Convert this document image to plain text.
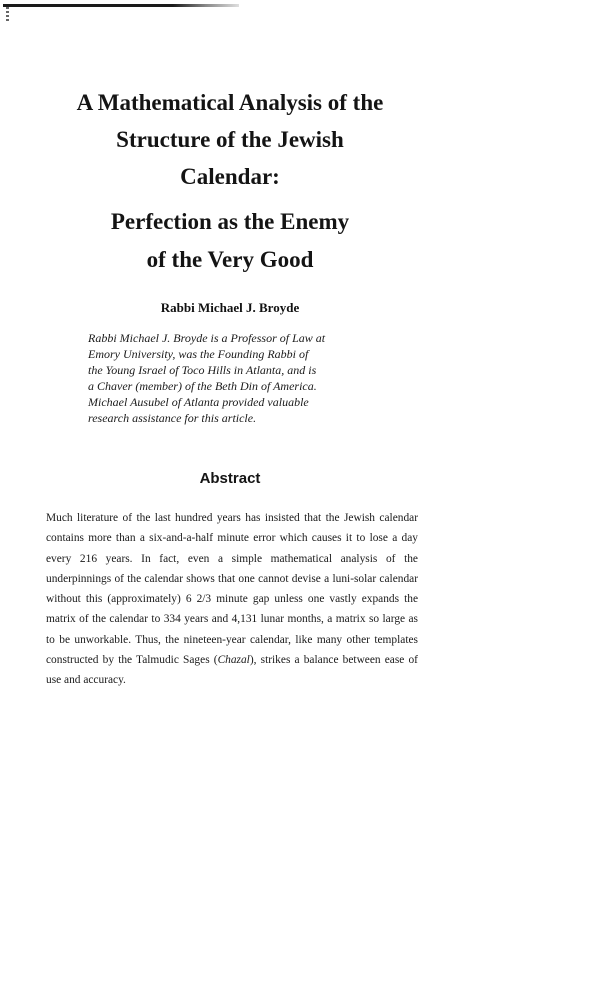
A Mathematical Analysis of the
Structure of the Jewish
Calendar:
Perfection as the Enemy
of the Very Good

Rabbi Michael J. Broyde

Rabbi Michael J. Broyde is a Professor of Law at
Emory University, was the Founding Rabbi of
the Young Israel of Toco Hills in Atlanta, and is
a Chaver (member) of the Beth Din of America.
Michael Ausubel of Atlanta provided valuable
research assistance for this article.

Abstract

Much literature of the last hundred years has insisted that the Jewish calendar contains more than a six-and-a-half minute error which causes it to lose a day every 216 years. In fact, even a simple mathematical analysis of the underpinnings of the calendar shows that one cannot devise a luni-solar calendar without this (approximately) 6 2/3 minute gap unless one vastly expands the matrix of the calendar to 334 years and 4,131 lunar months, a matrix so large as to be unworkable. Thus, the nineteen-year calendar, like many other templates constructed by the Talmudic Sages (Chazal), strikes a balance between ease of use and accuracy.
